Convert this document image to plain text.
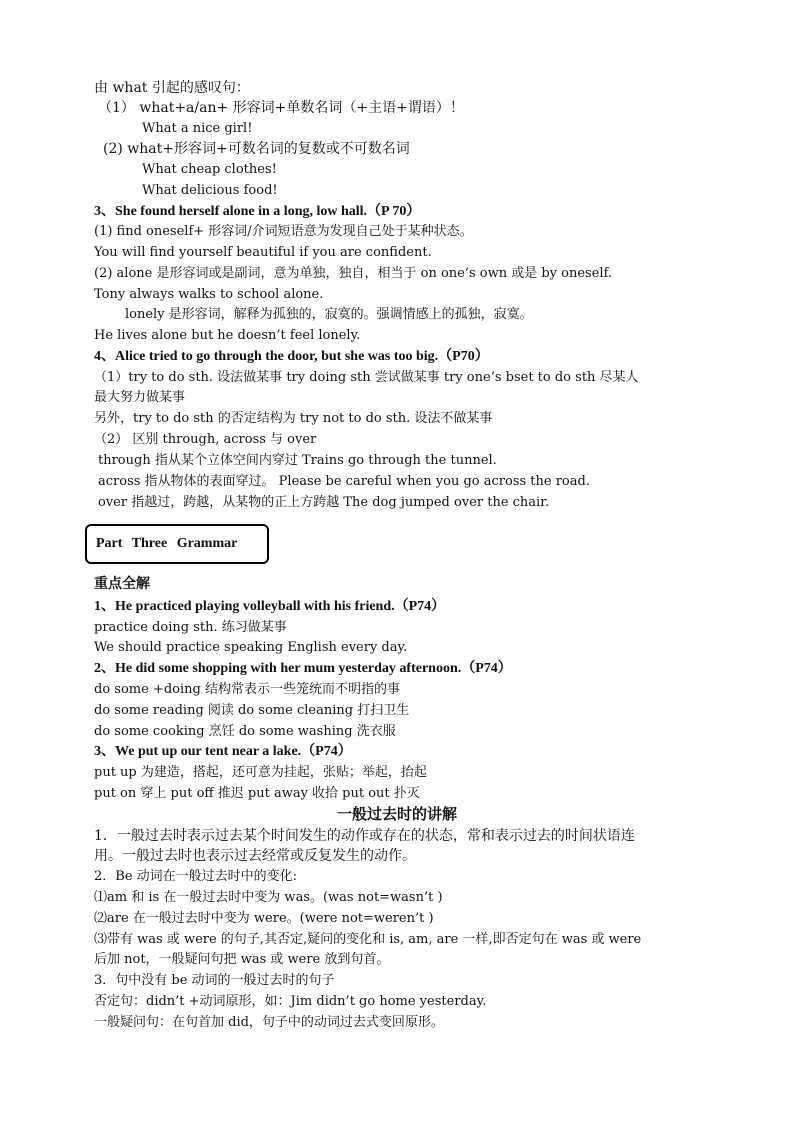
由 what 引起的感叹句：
（1） what+a/an+ 形容词+单数名词（+主语+谓语）！
What a nice girl!
(2) what+形容词+可数名词的复数或不可数名词
What cheap clothes!
What delicious food!
3、She found herself alone in a long, low hall.（P 70）
(1) find oneself+ 形容词/介词短语意为发现自己处于某种状态。
You will find yourself beautiful if you are confident.
(2) alone 是形容词或是副词，意为单独，独自，相当于 on one’s own 或是 by oneself.
Tony always walks to school alone.
lonely 是形容词，解释为孤独的，寂寞的。强调情感上的孤独，寂寞。
He lives alone but he doesn’t feel lonely.
4、Alice tried to go through the door, but she was too big.（P70）
（1）try to do sth. 设法做某事 try doing sth 尝试做某事 try one’s bset to do sth 尽某人
最大努力做某事
另外，try to do sth 的否定结构为 try not to do sth. 设法不做某事
（2） 区别 through, across 与 over
through 指从某个立体空间内穿过 Trains go through the tunnel.
across 指从物体的表面穿过。 Please be careful when you go across the road.
over 指越过，跨越，从某物的正上方跨越 The dog jumped over the chair.
Part Three Grammar
重点全解
1、He practiced playing volleyball with his friend.（P74）
practice doing sth. 练习做某事
We should practice speaking English every day.
2、He did some shopping with her mum yesterday afternoon.（P74）
do some +doing 结构常表示一些笼统而不明指的事
do some reading 阅读 do some cleaning 打扫卫生
do some cooking 烹饪 do some washing 洗衣服
3、We put up our tent near a lake.（P74）
put up 为建造，搭起，还可意为挂起，张贴；举起，抬起
put on 穿上 put off 推迟 put away 收拾 put out 扑灭
一般过去时的讲解
1．一般过去时表示过去某个时间发生的动作或存在的状态，常和表示过去的时间状语连
用。一般过去时也表示过去经常或反复发生的动作。
2．Be 动词在一般过去时中的变化:
⑴am 和 is 在一般过去时中变为 was。(was not=wasn’t )
⑵are 在一般过去时中变为 were。(were not=weren’t )
⑶带有 was 或 were 的句子,其否定,疑问的变化和 is, am, are 一样,即否定句在 was 或 were
后加 not，一般疑问句把 was 或 were 放到句首。
3．句中没有 be 动词的一般过去时的句子
否定句：didn’t +动词原形，如：Jim didn’t go home yesterday.
一般疑问句：在句首加 did，句子中的动词过去式变回原形。
